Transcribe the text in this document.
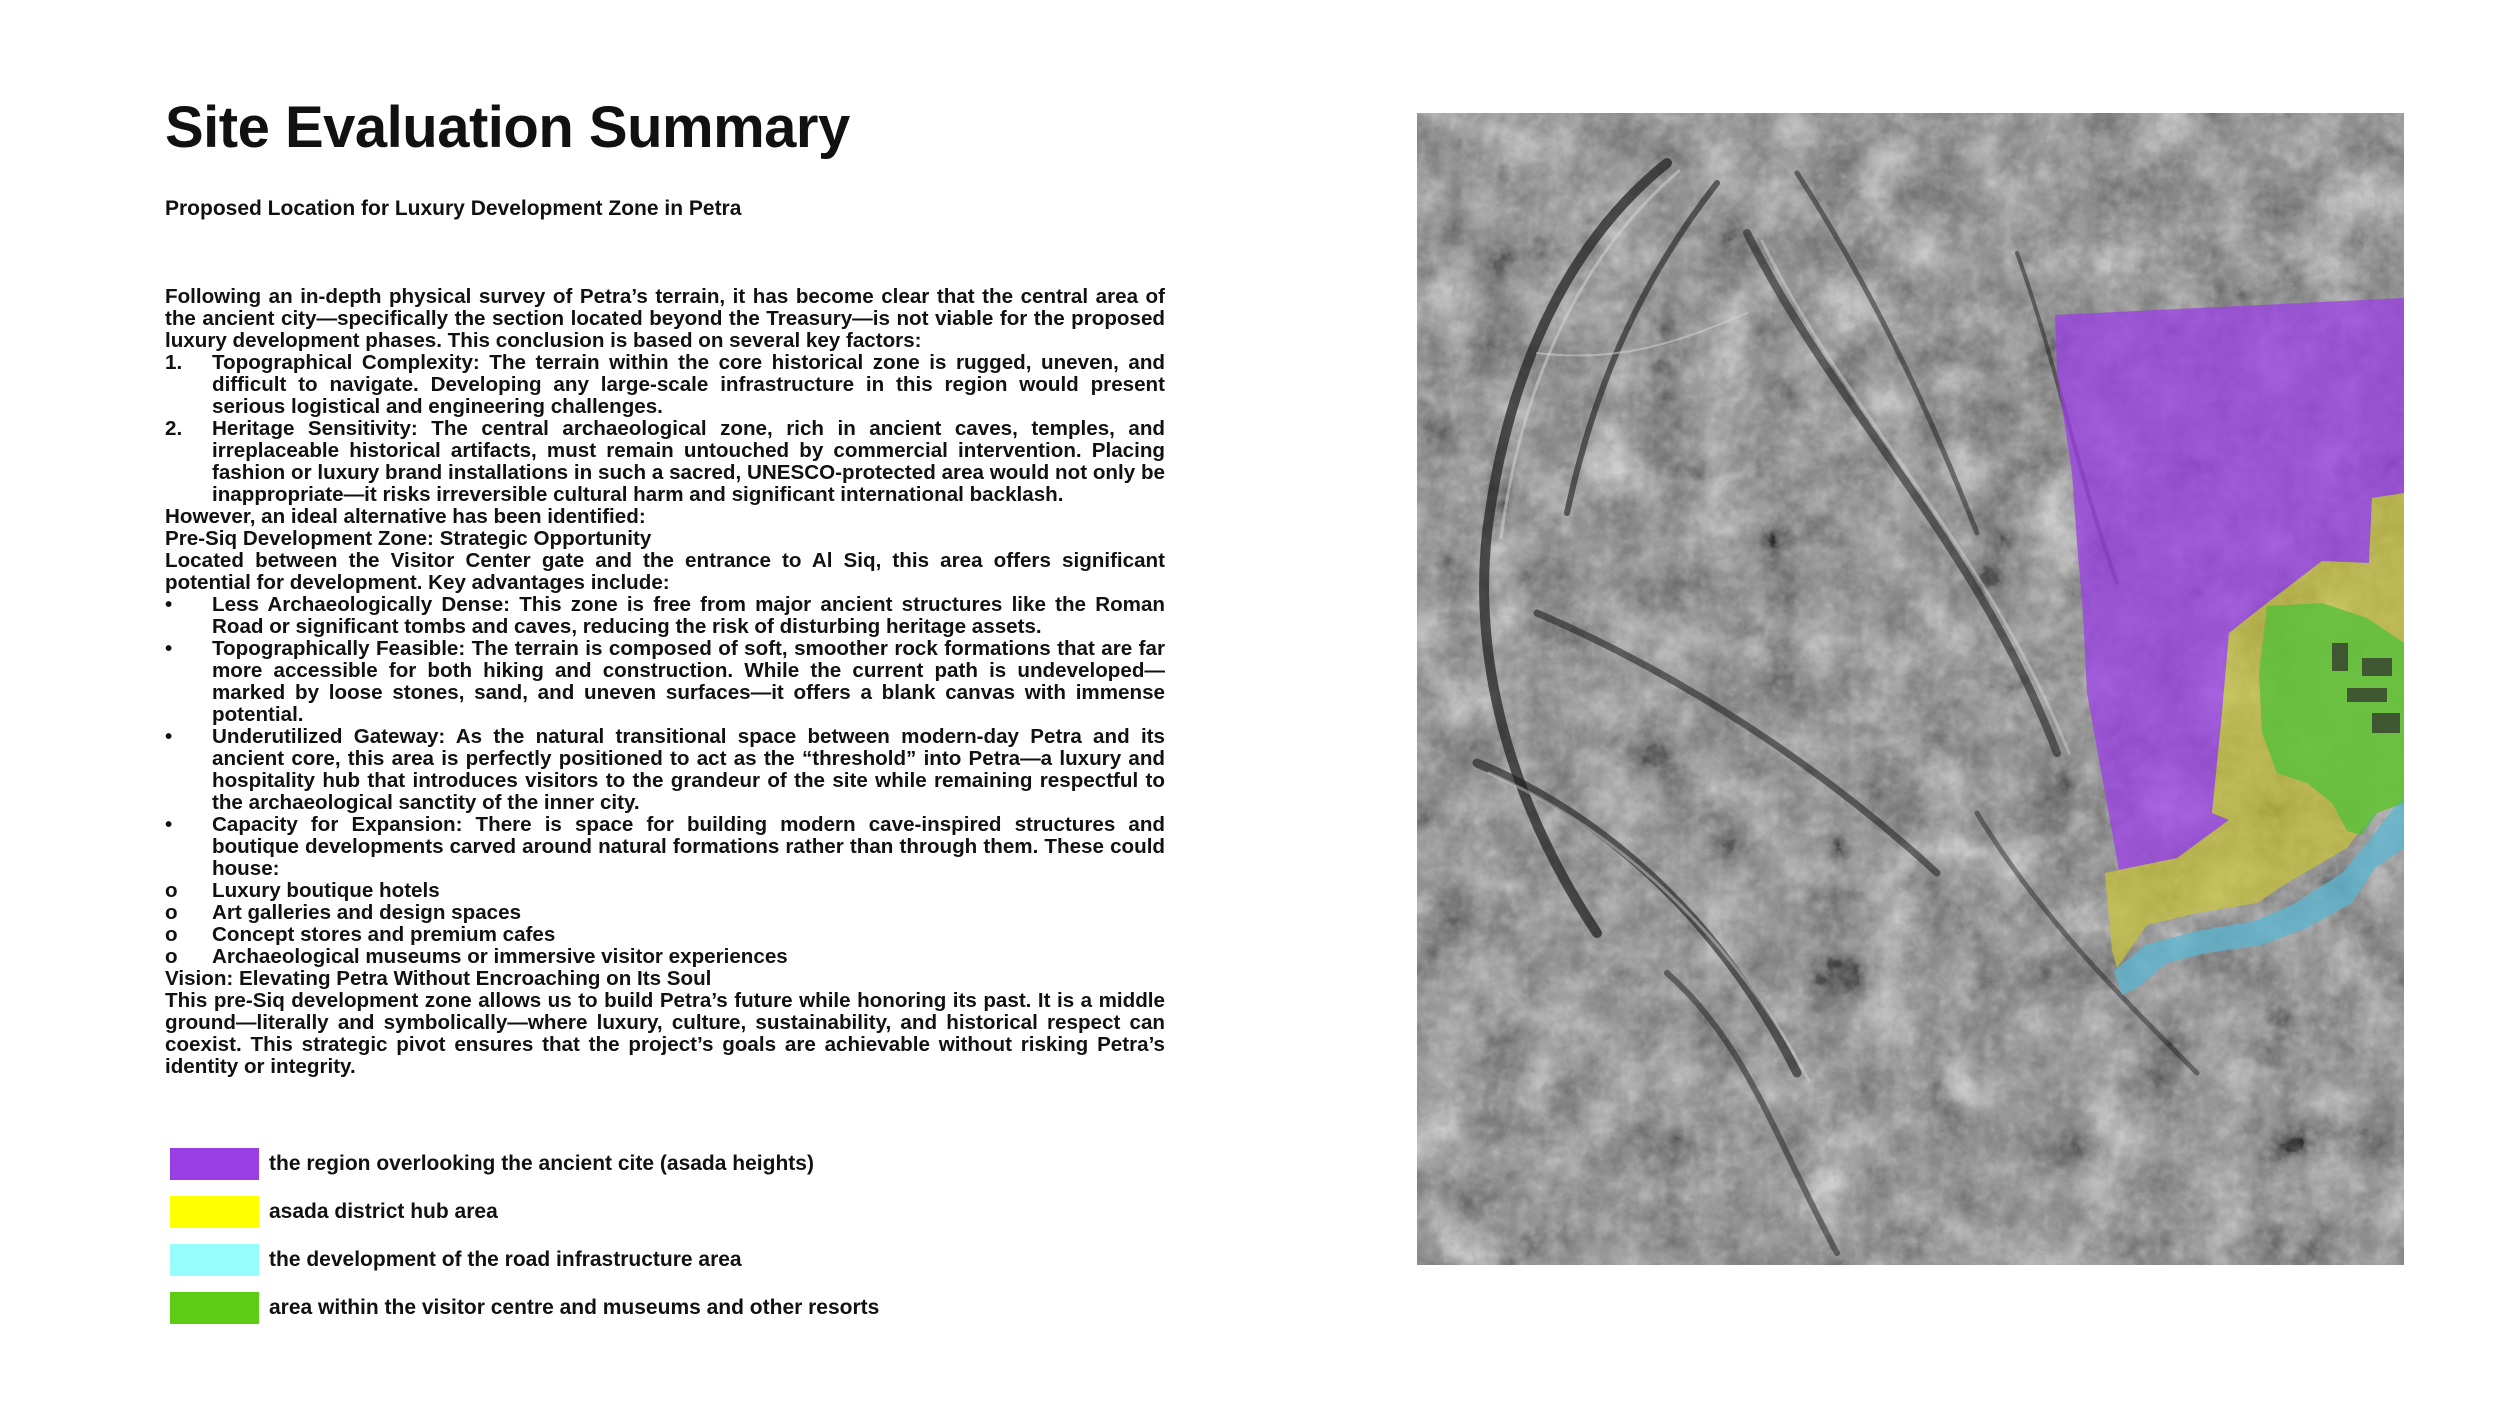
Site Evaluation Summary
Proposed Location for Luxury Development Zone in Petra

Following an in-depth physical survey of Petra’s terrain, it has become clear that the central area of the ancient city—specifically the section located beyond the Treasury—is not viable for the proposed luxury development phases. This conclusion is based on several key factors:

1.	Topographical Complexity: The terrain within the core historical zone is rugged, uneven, and difficult to navigate. Developing any large-scale infrastructure in this region would present serious logistical and engineering challenges.
2.	Heritage Sensitivity: The central archaeological zone, rich in ancient caves, temples, and irreplaceable historical artifacts, must remain untouched by commercial intervention. Placing fashion or luxury brand installations in such a sacred, UNESCO-protected area would not only be inappropriate—it risks irreversible cultural harm and significant international backlash.

However, an ideal alternative has been identified:

Pre-Siq Development Zone: Strategic Opportunity

Located between the Visitor Center gate and the entrance to Al Siq, this area offers significant potential for development. Key advantages include:

•	Less Archaeologically Dense: This zone is free from major ancient structures like the Roman Road or significant tombs and caves, reducing the risk of disturbing heritage assets.
•	Topographically Feasible: The terrain is composed of soft, smoother rock formations that are far more accessible for both hiking and construction. While the current path is undeveloped—marked by loose stones, sand, and uneven surfaces—it offers a blank canvas with immense potential.
•	Underutilized Gateway: As the natural transitional space between modern-day Petra and its ancient core, this area is perfectly positioned to act as the “threshold” into Petra—a luxury and hospitality hub that introduces visitors to the grandeur of the site while remaining respectful to the archaeological sanctity of the inner city.
•	Capacity for Expansion: There is space for building modern cave-inspired structures and boutique developments carved around natural formations rather than through them. These could house:
o	Luxury boutique hotels
o	Art galleries and design spaces
o	Concept stores and premium cafes
o	Archaeological museums or immersive visitor experiences

Vision: Elevating Petra Without Encroaching on Its Soul

This pre-Siq development zone allows us to build Petra’s future while honoring its past. It is a middle ground—literally and symbolically—where luxury, culture, sustainability, and historical respect can coexist. This strategic pivot ensures that the project’s goals are achievable without risking Petra’s identity or integrity.

the region overlooking the ancient cite (asada heights)
asada district hub area
the development of the road infrastructure area
area within the visitor centre and museums and other resorts
